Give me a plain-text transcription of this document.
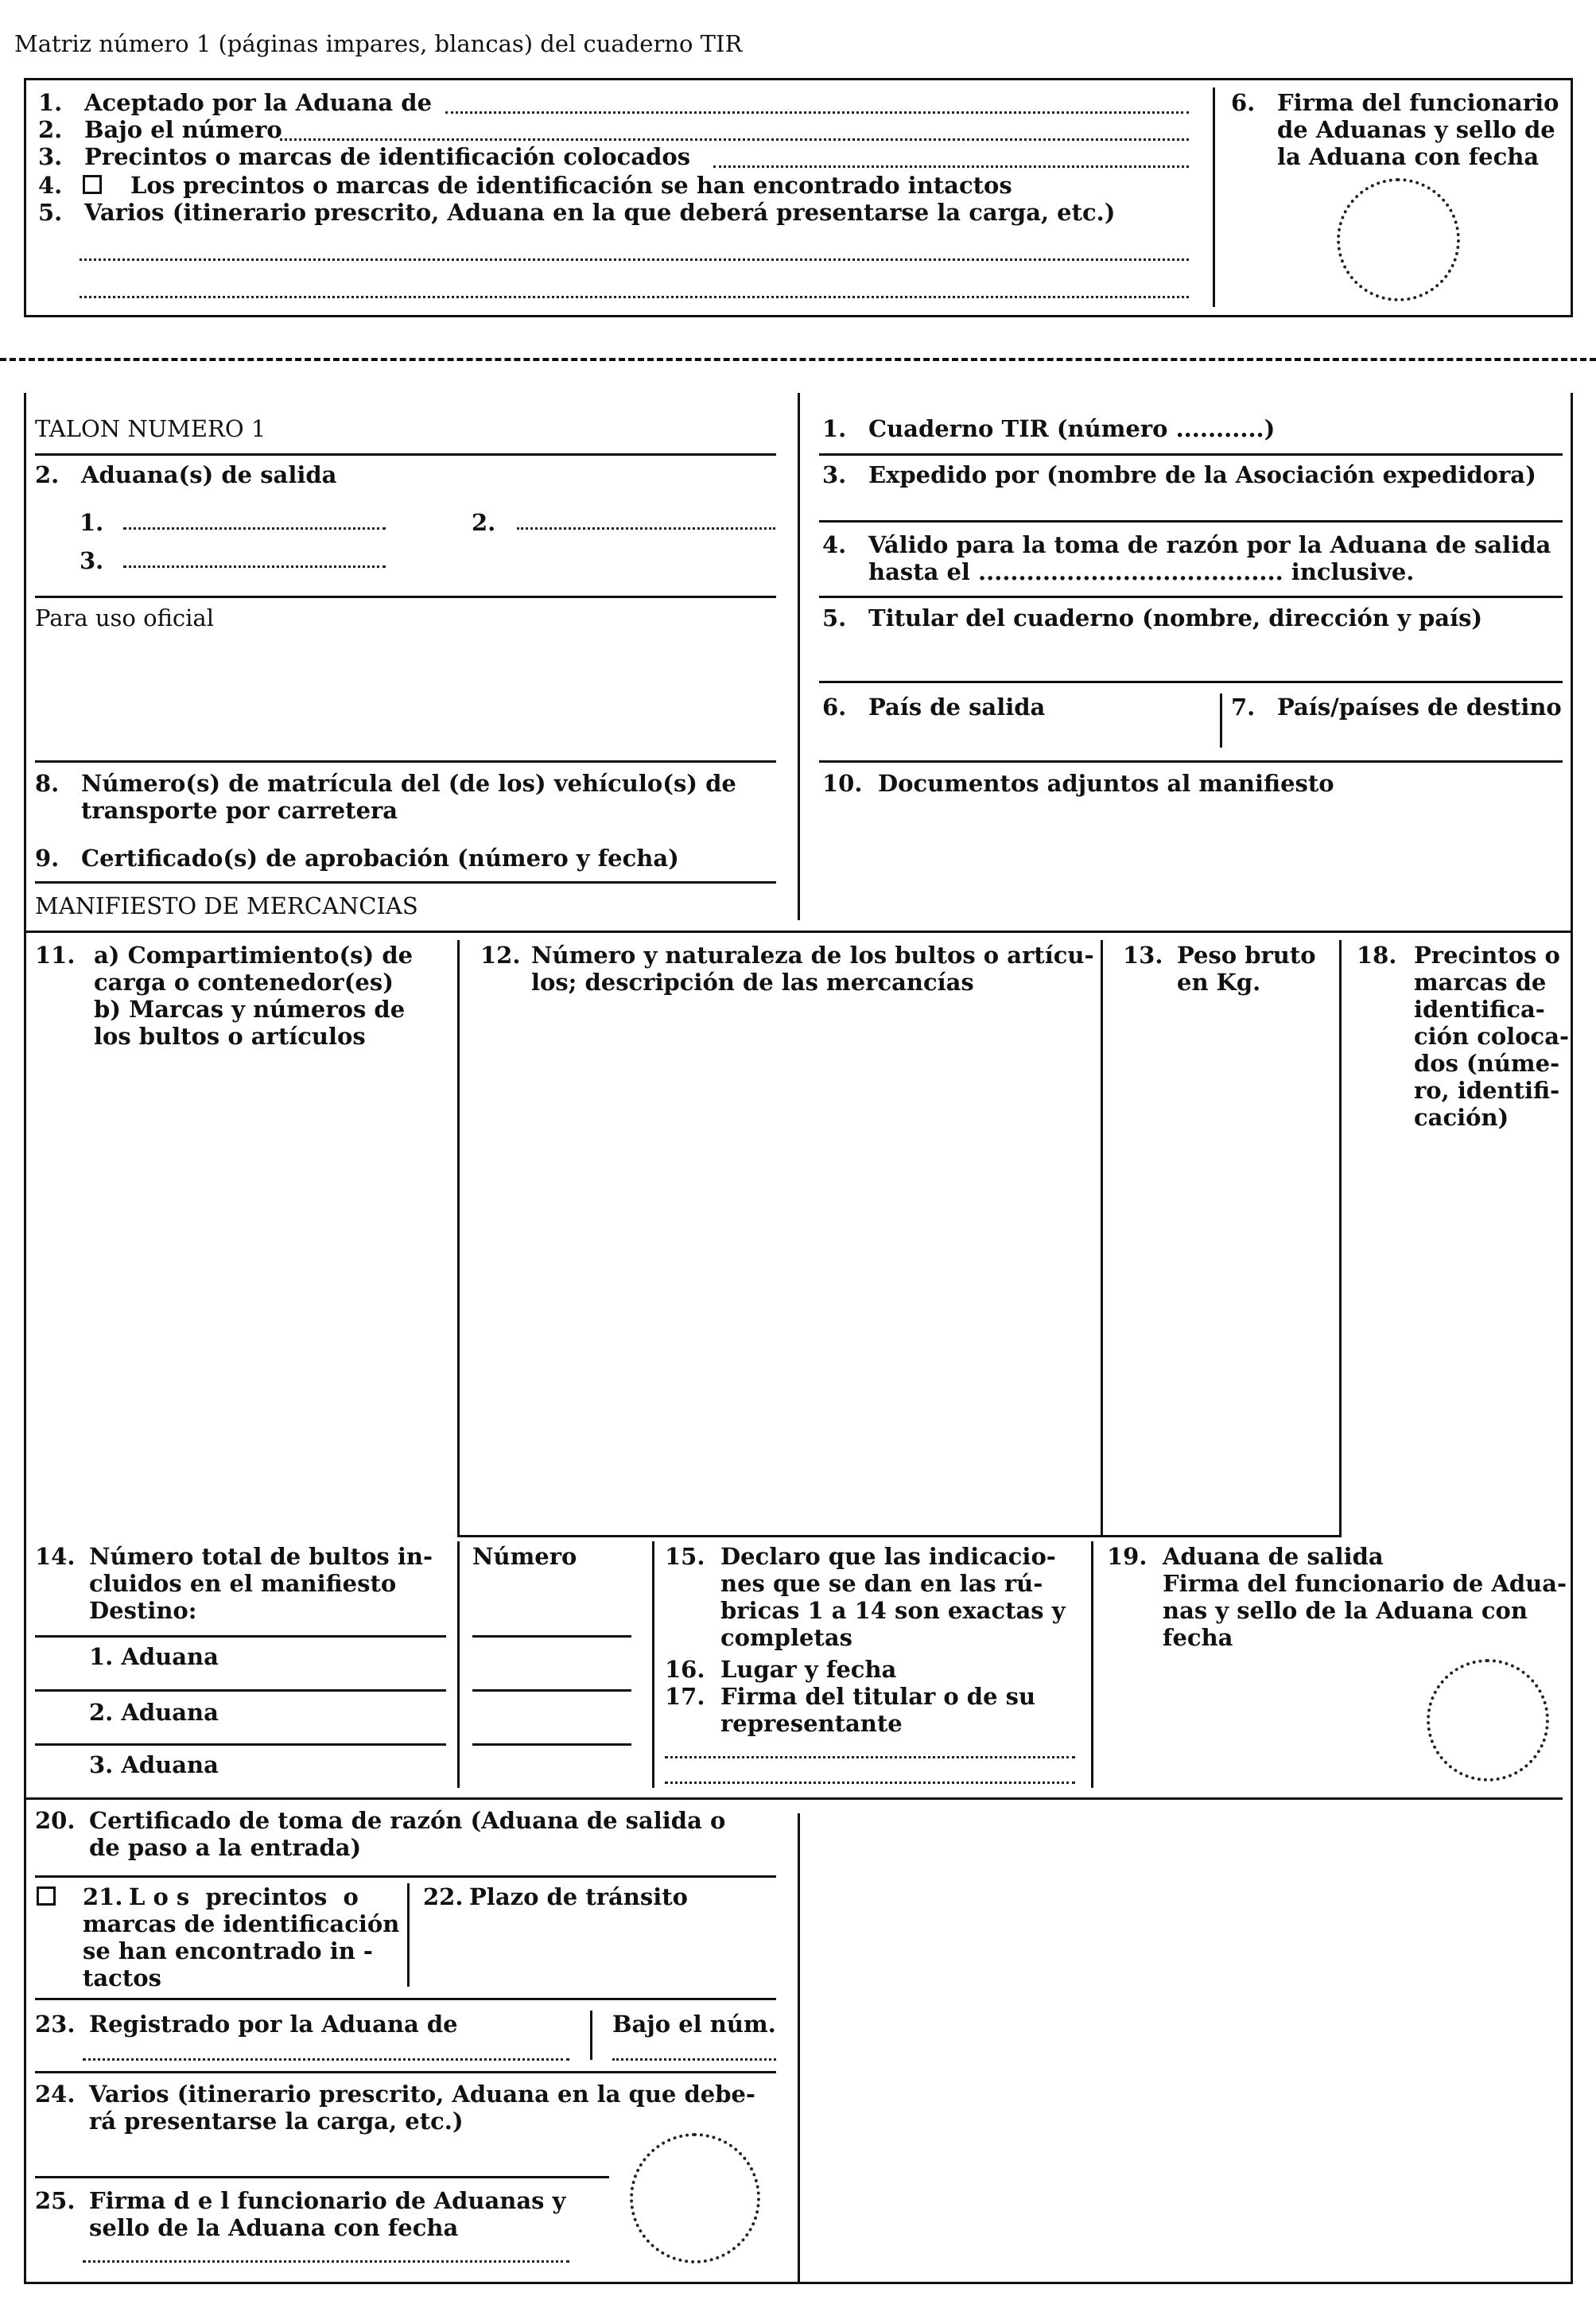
Matriz número 1 (páginas impares, blancas) del cuaderno TIR
1. Aceptado por la Aduana de
2. Bajo el número
3. Precintos o marcas de identificación colocados
4.	Los precintos o marcas de identificación se han encontrado intactos
5. Varios (itinerario prescrito, Aduana en la que deberá presentarse la carga, etc.)
6. Firma del funcionario
de Aduanas y sello de
la Aduana con fecha
TALON NUMERO 1
2. Aduana(s) de salida
1.	2.
3.
Para uso oficial
8. Número(s) de matrícula del (de los) vehículo(s) de
transporte por carretera
9. Certificado(s) de aprobación (número y fecha)
MANIFIESTO DE MERCANCIAS
1. Cuaderno TIR (número ...........)
3. Expedido por (nombre de la Asociación expedidora)
4. Válido para la toma de razón por la Aduana de salida
hasta el ...................................... inclusive.
5. Titular del cuaderno (nombre, dirección y país)
6. País de salida	7. País/países de destino
10. Documentos adjuntos al manifiesto
11. a) Compartimiento(s) de
carga o contenedor(es)
b) Marcas y números de
los bultos o artículos
12. Número y naturaleza de los bultos o artícu-
los; descripción de las mercancías
13. Peso bruto
en Kg.
18. Precintos o
marcas de
identifica-
ción coloca-
dos (núme-
ro, identifi-
cación)
14. Número total de bultos in-
cluidos en el manifiesto
Destino:
1. Aduana
2. Aduana
3. Aduana
Número	15. Declaro que las indicacio-
nes que se dan en las rú-
bricas 1 a 14 son exactas y
completas
16. Lugar y fecha
17. Firma del titular o de su
representante
19. Aduana de salida
Firma del funcionario de Adua-
nas y sello de la Aduana con
fecha
20. Certificado de toma de razón (Aduana de salida o
de paso a la entrada)
21. L o s  precintos  o
marcas de identificación
se han encontrado in -
tactos
22. Plazo de tránsito
23. Registrado por la Aduana de	Bajo el núm.
24. Varios (itinerario prescrito, Aduana en la que debe-
rá presentarse la carga, etc.)
25. Firma d e l funcionario de Aduanas y
sello de la Aduana con fecha
